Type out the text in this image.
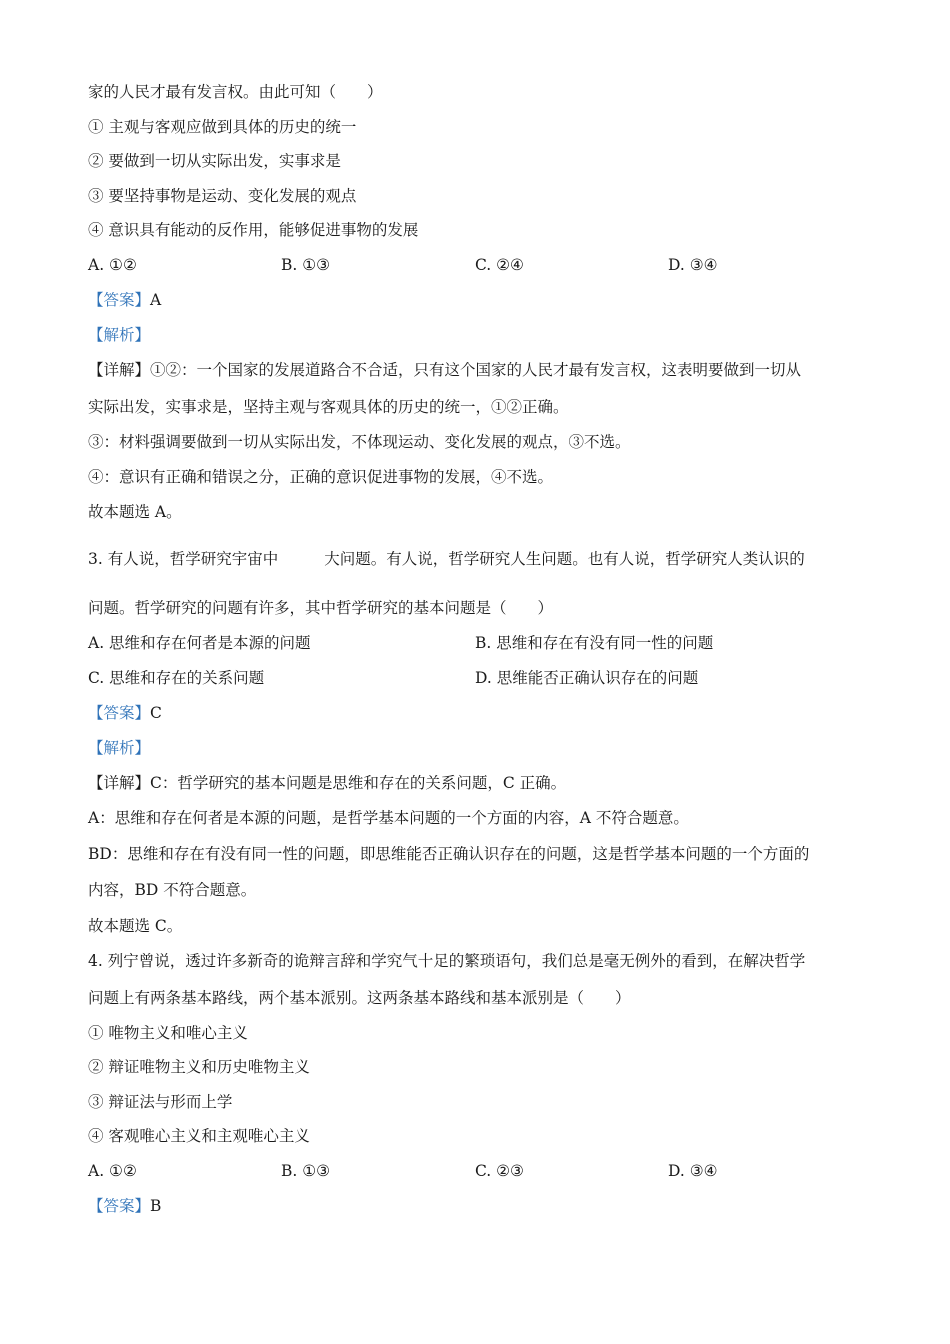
家的人民才最有发言权。由此可知（　　）

① 主观与客观应做到具体的历史的统一

② 要做到一切从实际出发，实事求是

③ 要坚持事物是运动、变化发展的观点

④ 意识具有能动的反作用，能够促进事物的发展

A. ①②	B. ①③	C. ②④	D. ③④

【答案】A

【解析】

【详解】①②：一个国家的发展道路合不合适，只有这个国家的人民才最有发言权，这表明要做到一切从

实际出发，实事求是，坚持主观与客观具体的历史的统一，①②正确。

③：材料强调要做到一切从实际出发，不体现运动、变化发展的观点，③不选。

④：意识有正确和错误之分，正确的意识促进事物的发展，④不选。

故本题选 A。

3. 有人说，哲学研究宇宙中	大问题。有人说，哲学研究人生问题。也有人说，哲学研究人类认识的

问题。哲学研究的问题有许多，其中哲学研究的基本问题是（　　）

A. 思维和存在何者是本源的问题	B. 思维和存在有没有同一性的问题
C. 思维和存在的关系问题	D. 思维能否正确认识存在的问题

【答案】C

【解析】

【详解】C：哲学研究的基本问题是思维和存在的关系问题，C 正确。

A：思维和存在何者是本源的问题，是哲学基本问题的一个方面的内容，A 不符合题意。

BD：思维和存在有没有同一性的问题，即思维能否正确认识存在的问题，这是哲学基本问题的一个方面的

内容，BD 不符合题意。

故本题选 C。

4. 列宁曾说，透过许多新奇的诡辩言辞和学究气十足的繁琐语句，我们总是毫无例外的看到，在解决哲学

问题上有两条基本路线，两个基本派别。这两条基本路线和基本派别是（　　）

① 唯物主义和唯心主义

② 辩证唯物主义和历史唯物主义

③ 辩证法与形而上学

④ 客观唯心主义和主观唯心主义

A. ①②	B. ①③	C. ②③	D. ③④

【答案】B
